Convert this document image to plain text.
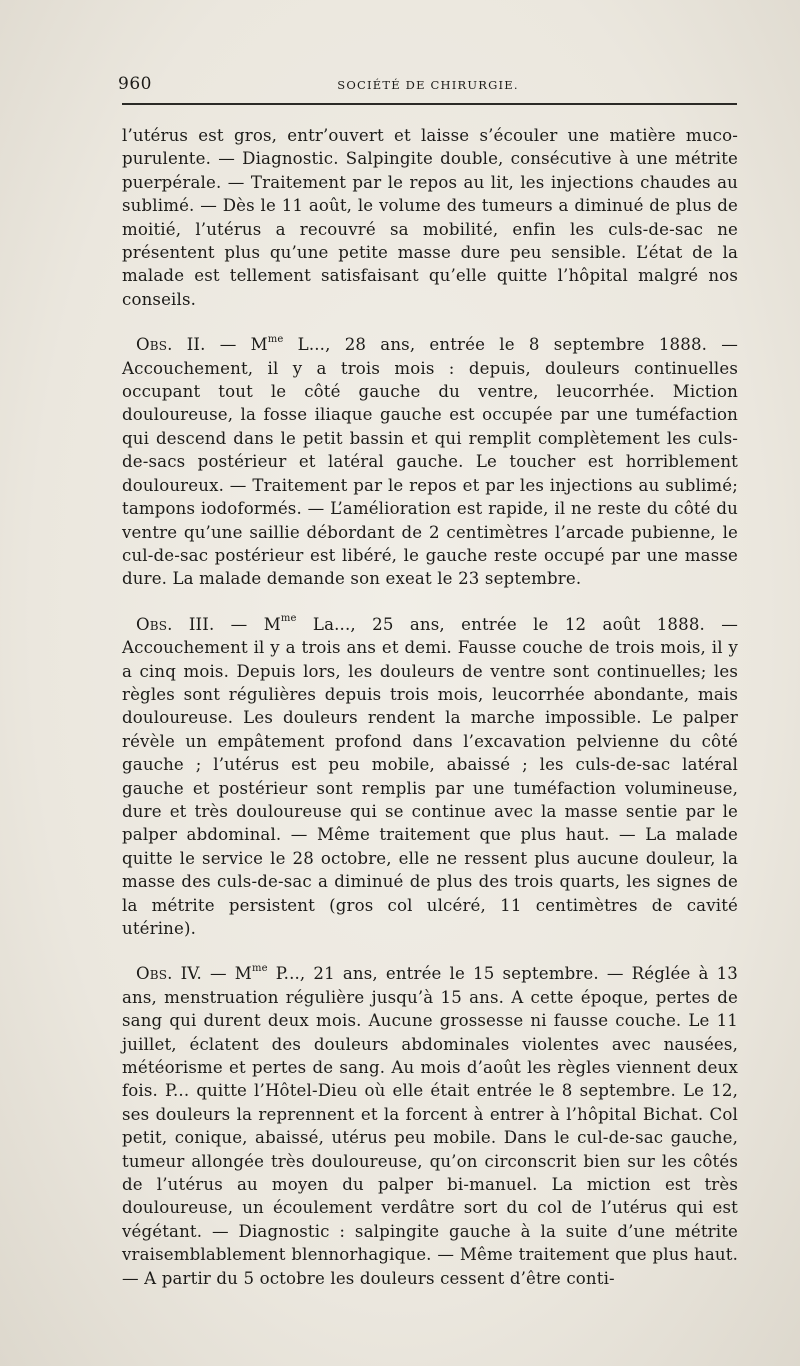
960	SOCIÉTÉ DE CHIRURGIE.

l’utérus est gros, entr’ouvert et laisse s’écouler une matière muco-purulente. — Diagnostic. Salpingite double, consécutive à une métrite puerpérale. — Traitement par le repos au lit, les injections chaudes au sublimé. — Dès le 11 août, le volume des tumeurs a diminué de plus de moitié, l’utérus a recouvré sa mobilité, enfin les culs-de-sac ne présentent plus qu’une petite masse dure peu sensible. L’état de la malade est tellement satisfaisant qu’elle quitte l’hôpital malgré nos conseils.

Obs. II. — $M^{me}$ L..., 28 ans, entrée le 8 septembre 1888. — Accouchement, il y a trois mois : depuis, douleurs continuelles occupant tout le côté gauche du ventre, leucorrhée. Miction douloureuse, la fosse iliaque gauche est occupée par une tuméfaction qui descend dans le petit bassin et qui remplit complètement les culs-de-sacs postérieur et latéral gauche. Le toucher est horriblement douloureux. — Traitement par le repos et par les injections au sublimé; tampons iodoformés. — L’amélioration est rapide, il ne reste du côté du ventre qu’une saillie débordant de 2 centimètres l’arcade pubienne, le cul-de-sac postérieur est libéré, le gauche reste occupé par une masse dure. La malade demande son exeat le 23 septembre.

Obs. III. — $M^{me}$ La..., 25 ans, entrée le 12 août 1888. — Accouchement il y a trois ans et demi. Fausse couche de trois mois, il y a cinq mois. Depuis lors, les douleurs de ventre sont continuelles; les règles sont régulières depuis trois mois, leucorrhée abondante, mais douloureuse. Les douleurs rendent la marche impossible. Le palper révèle un empâtement profond dans l’excavation pelvienne du côté gauche ; l’utérus est peu mobile, abaissé ; les culs-de-sac latéral gauche et postérieur sont remplis par une tuméfaction volumineuse, dure et très douloureuse qui se continue avec la masse sentie par le palper abdominal. — Même traitement que plus haut. — La malade quitte le service le 28 octobre, elle ne ressent plus aucune douleur, la masse des culs-de-sac a diminué de plus des trois quarts, les signes de la métrite persistent (gros col ulcéré, 11 centimètres de cavité utérine).

Obs. IV. — $M^{me}$ P..., 21 ans, entrée le 15 septembre. — Réglée à 13 ans, menstruation régulière jusqu’à 15 ans. A cette époque, pertes de sang qui durent deux mois. Aucune grossesse ni fausse couche. Le 11 juillet, éclatent des douleurs abdominales violentes avec nausées, météorisme et pertes de sang. Au mois d’août les règles viennent deux fois. P... quitte l’Hôtel-Dieu où elle était entrée le 8 septembre. Le 12, ses douleurs la reprennent et la forcent à entrer à l’hôpital Bichat. Col petit, conique, abaissé, utérus peu mobile. Dans le cul-de-sac gauche, tumeur allongée très douloureuse, qu’on circonscrit bien sur les côtés de l’utérus au moyen du palper bi-manuel. La miction est très douloureuse, un écoulement verdâtre sort du col de l’utérus qui est végétant. — Diagnostic : salpingite gauche à la suite d’une métrite vraisemblablement blennorhagique. — Même traitement que plus haut. — A partir du 5 octobre les douleurs cessent d’être conti-
